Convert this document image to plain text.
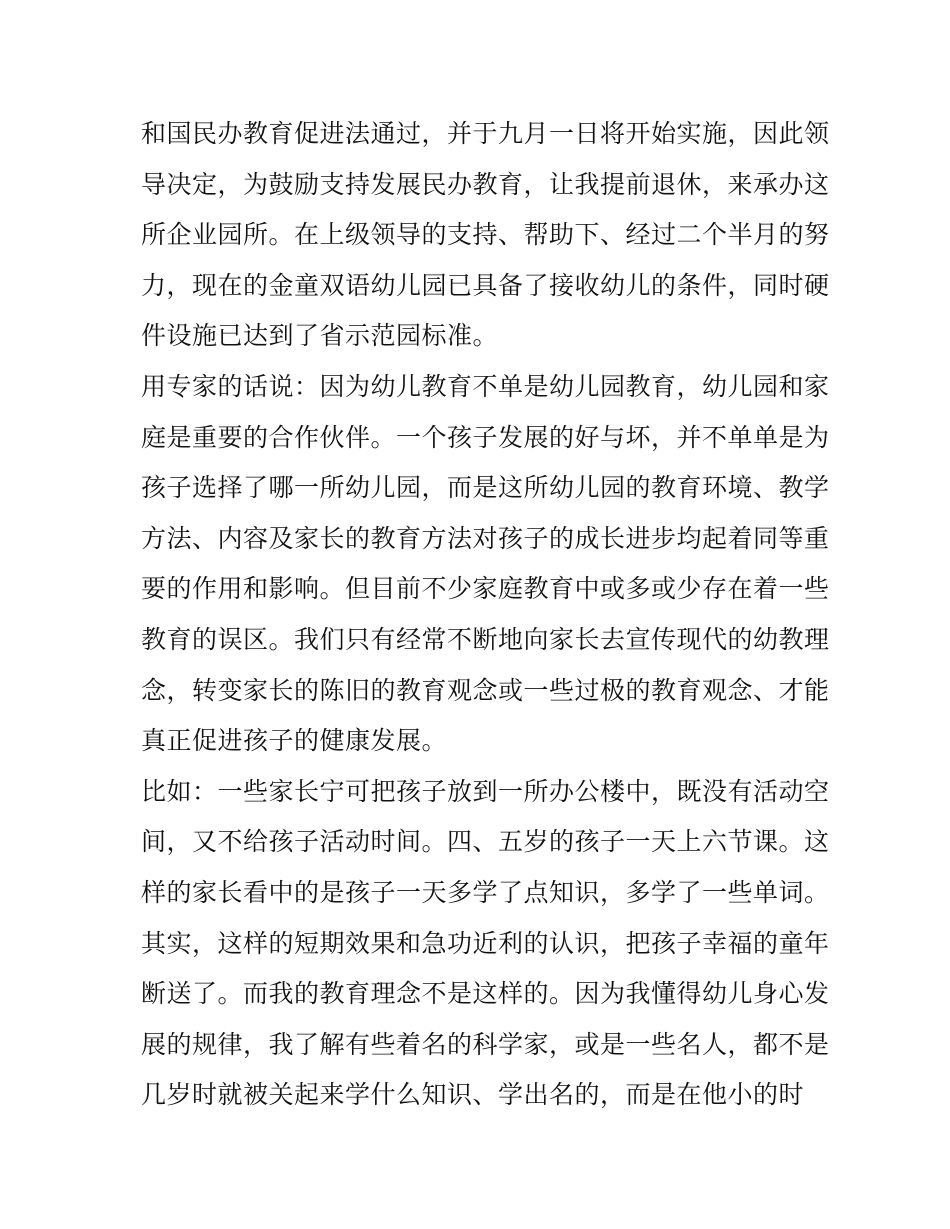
和国民办教育促进法通过，并于九月一日将开始实施，因此领
导决定，为鼓励支持发展民办教育，让我提前退休，来承办这
所企业园所。在上级领导的支持、帮助下、经过二个半月的努
力，现在的金童双语幼儿园已具备了接收幼儿的条件，同时硬
件设施已达到了省示范园标准。
用专家的话说：因为幼儿教育不单是幼儿园教育，幼儿园和家
庭是重要的合作伙伴。一个孩子发展的好与坏，并不单单是为
孩子选择了哪一所幼儿园，而是这所幼儿园的教育环境、教学
方法、内容及家长的教育方法对孩子的成长进步均起着同等重
要的作用和影响。但目前不少家庭教育中或多或少存在着一些
教育的误区。我们只有经常不断地向家长去宣传现代的幼教理
念，转变家长的陈旧的教育观念或一些过极的教育观念、才能
真正促进孩子的健康发展。
比如：一些家长宁可把孩子放到一所办公楼中，既没有活动空
间，又不给孩子活动时间。四、五岁的孩子一天上六节课。这
样的家长看中的是孩子一天多学了点知识，多学了一些单词。
其实，这样的短期效果和急功近利的认识，把孩子幸福的童年
断送了。而我的教育理念不是这样的。因为我懂得幼儿身心发
展的规律，我了解有些着名的科学家，或是一些名人，都不是
几岁时就被关起来学什么知识、学出名的，而是在他小的时
